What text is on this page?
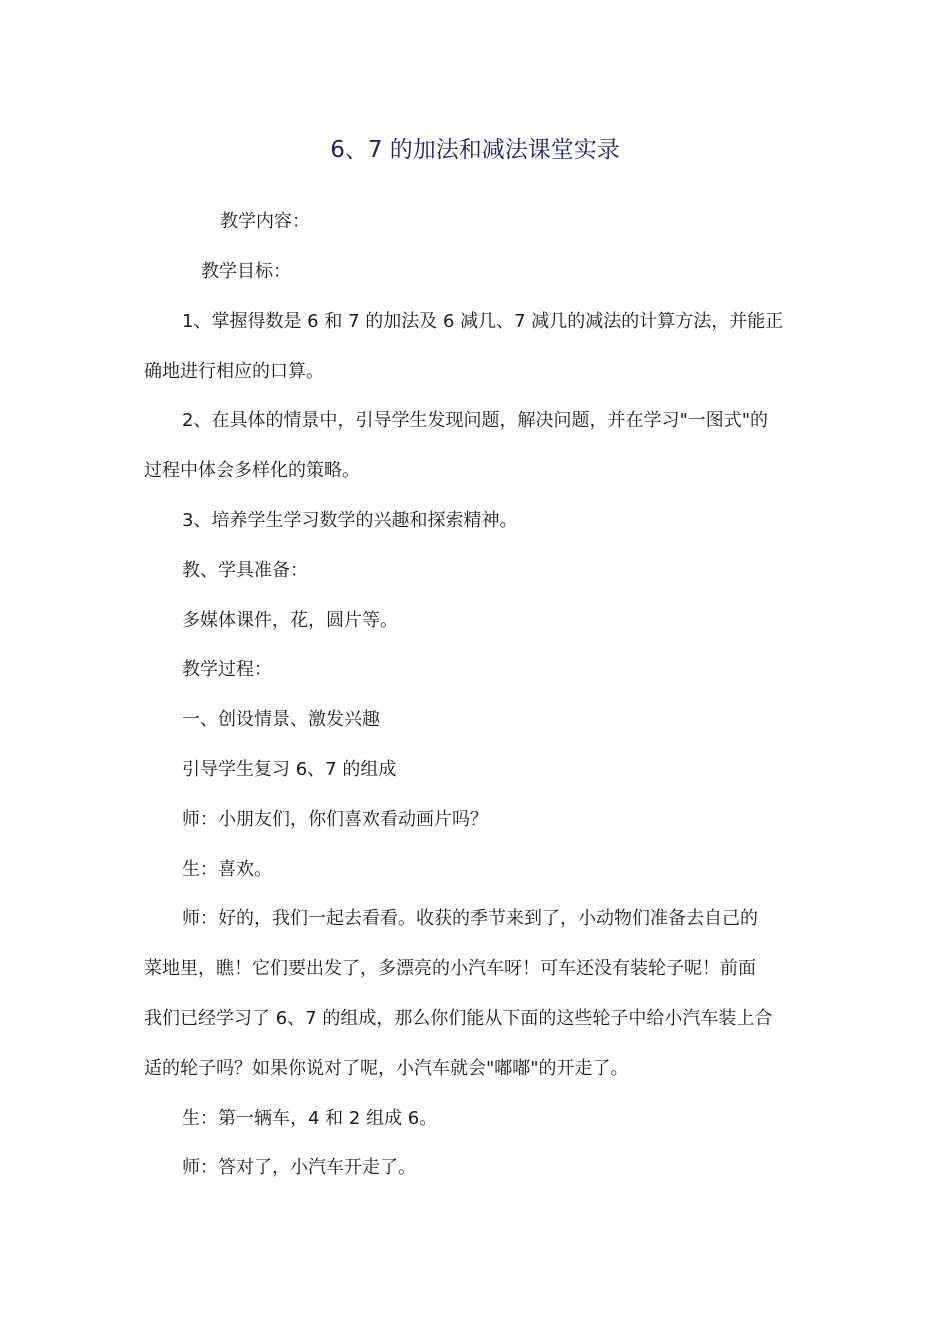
6、7 的加法和减法课堂实录

教学内容：

教学目标：

1、掌握得数是 6 和 7 的加法及 6 减几、7 减几的减法的计算方法，并能正

确地进行相应的口算。

2、在具体的情景中，引导学生发现问题，解决问题，并在学习"一图式"的

过程中体会多样化的策略。

3、培养学生学习数学的兴趣和探索精神。

教、学具准备：

多媒体课件，花，圆片等。

教学过程：

一、创设情景、激发兴趣

引导学生复习 6、7 的组成

师：小朋友们，你们喜欢看动画片吗？

生：喜欢。

师：好的，我们一起去看看。收获的季节来到了，小动物们准备去自己的

菜地里，瞧！它们要出发了，多漂亮的小汽车呀！可车还没有装轮子呢！前面

我们已经学习了 6、7 的组成，那么你们能从下面的这些轮子中给小汽车装上合

适的轮子吗？如果你说对了呢，小汽车就会"嘟嘟"的开走了。

生：第一辆车，4 和 2 组成 6。

师：答对了，小汽车开走了。
